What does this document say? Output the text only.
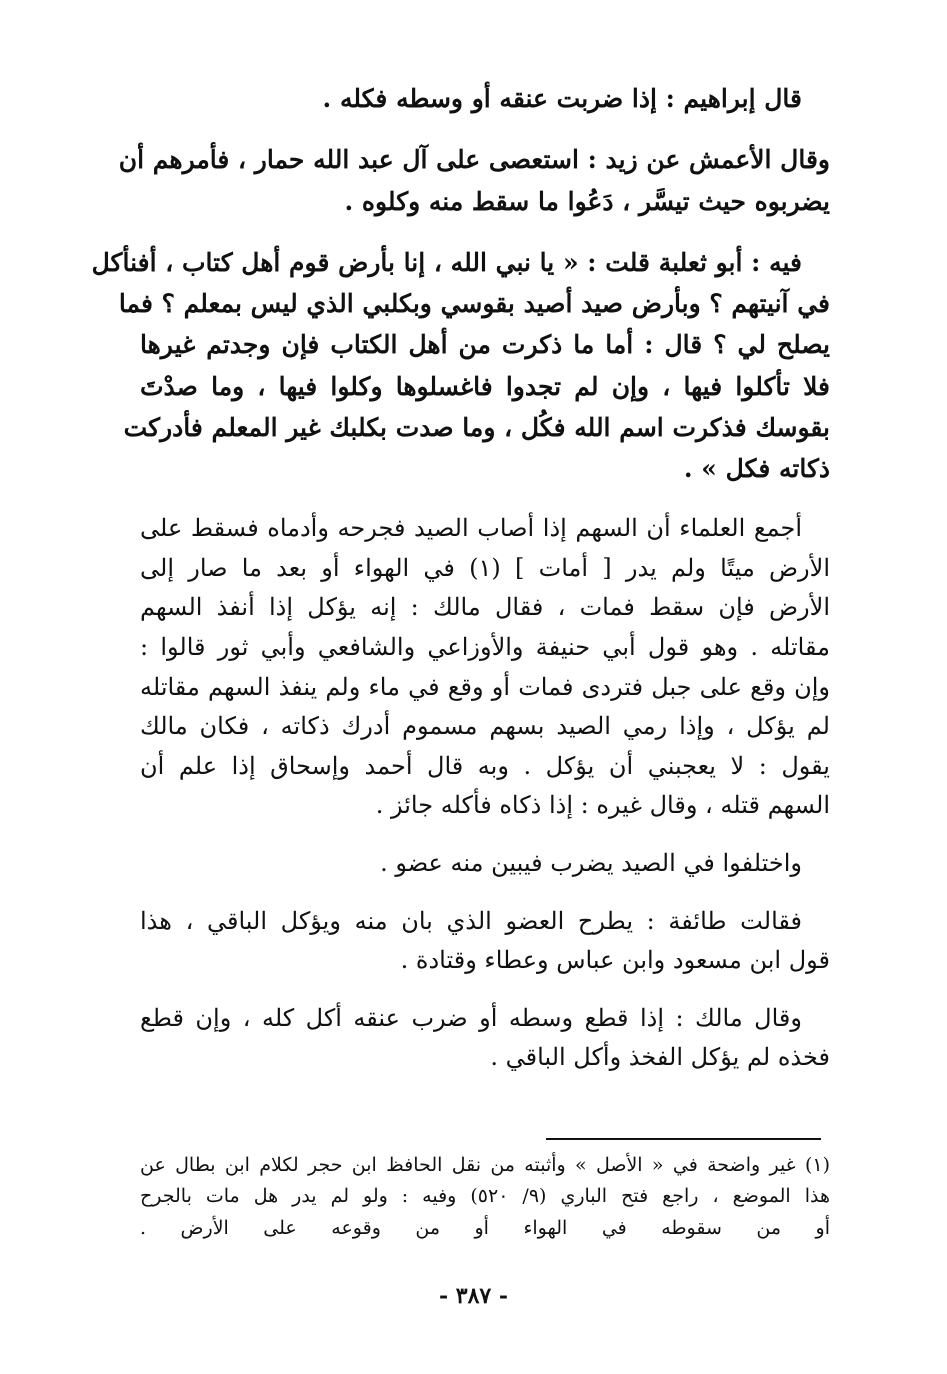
قال إبراهيم : إذا ضربت عنقه أو وسطه فكله .
وقال الأعمش عن زيد : استعصى على آل عبد الله حمار ، فأمرهم أن
يضربوه حيث تيسَّر ، دَعُوا ما سقط منه وكلوه .
فيه : أبو ثعلبة قلت : « يا نبي الله ، إنا بأرض قوم أهل كتاب ، أفنأكل
في آنيتهم ؟ وبأرض صيد أصيد بقوسي وبكلبي الذي ليس بمعلم ؟ فما
يصلح لي ؟ قال : أما ما ذكرت من أهل الكتاب فإن وجدتم غيرها
فلا تأكلوا فيها ، وإن لم تجدوا فاغسلوها وكلوا فيها ، وما صدْتَ
بقوسك فذكرت اسم الله فكُل ، وما صدت بكلبك غير المعلم فأدركت
ذكاته فكل » .
أجمع العلماء أن السهم إذا أصاب الصيد فجرحه وأدماه فسقط على
الأرض ميتًا ولم يدر [ أمات ] (١) في الهواء أو بعد ما صار إلى
الأرض فإن سقط فمات ، فقال مالك : إنه يؤكل إذا أنفذ السهم
مقاتله . وهو قول أبي حنيفة والأوزاعي والشافعي وأبي ثور قالوا :
وإن وقع على جبل فتردى فمات أو وقع في ماء ولم ينفذ السهم مقاتله
لم يؤكل ، وإذا رمي الصيد بسهم مسموم أدرك ذكاته ، فكان مالك
يقول : لا يعجبني أن يؤكل . وبه قال أحمد وإسحاق إذا علم أن
السهم قتله ، وقال غيره : إذا ذكاه فأكله جائز .
واختلفوا في الصيد يضرب فيبين منه عضو .
فقالت طائفة : يطرح العضو الذي بان منه ويؤكل الباقي ، هذا
قول ابن مسعود وابن عباس وعطاء وقتادة .
وقال مالك : إذا قطع وسطه أو ضرب عنقه أكل كله ، وإن قطع
فخذه لم يؤكل الفخذ وأكل الباقي .
(١) غير واضحة في « الأصل » وأثبته من نقل الحافظ ابن حجر لكلام ابن بطال عن
هذا الموضع ، راجع فتح الباري (٩/ ٥٢٠) وفيه : ولو لم يدر هل مات بالجرح
أو من سقوطه في الهواء أو من وقوعه على الأرض .
- ٣٨٧ -
